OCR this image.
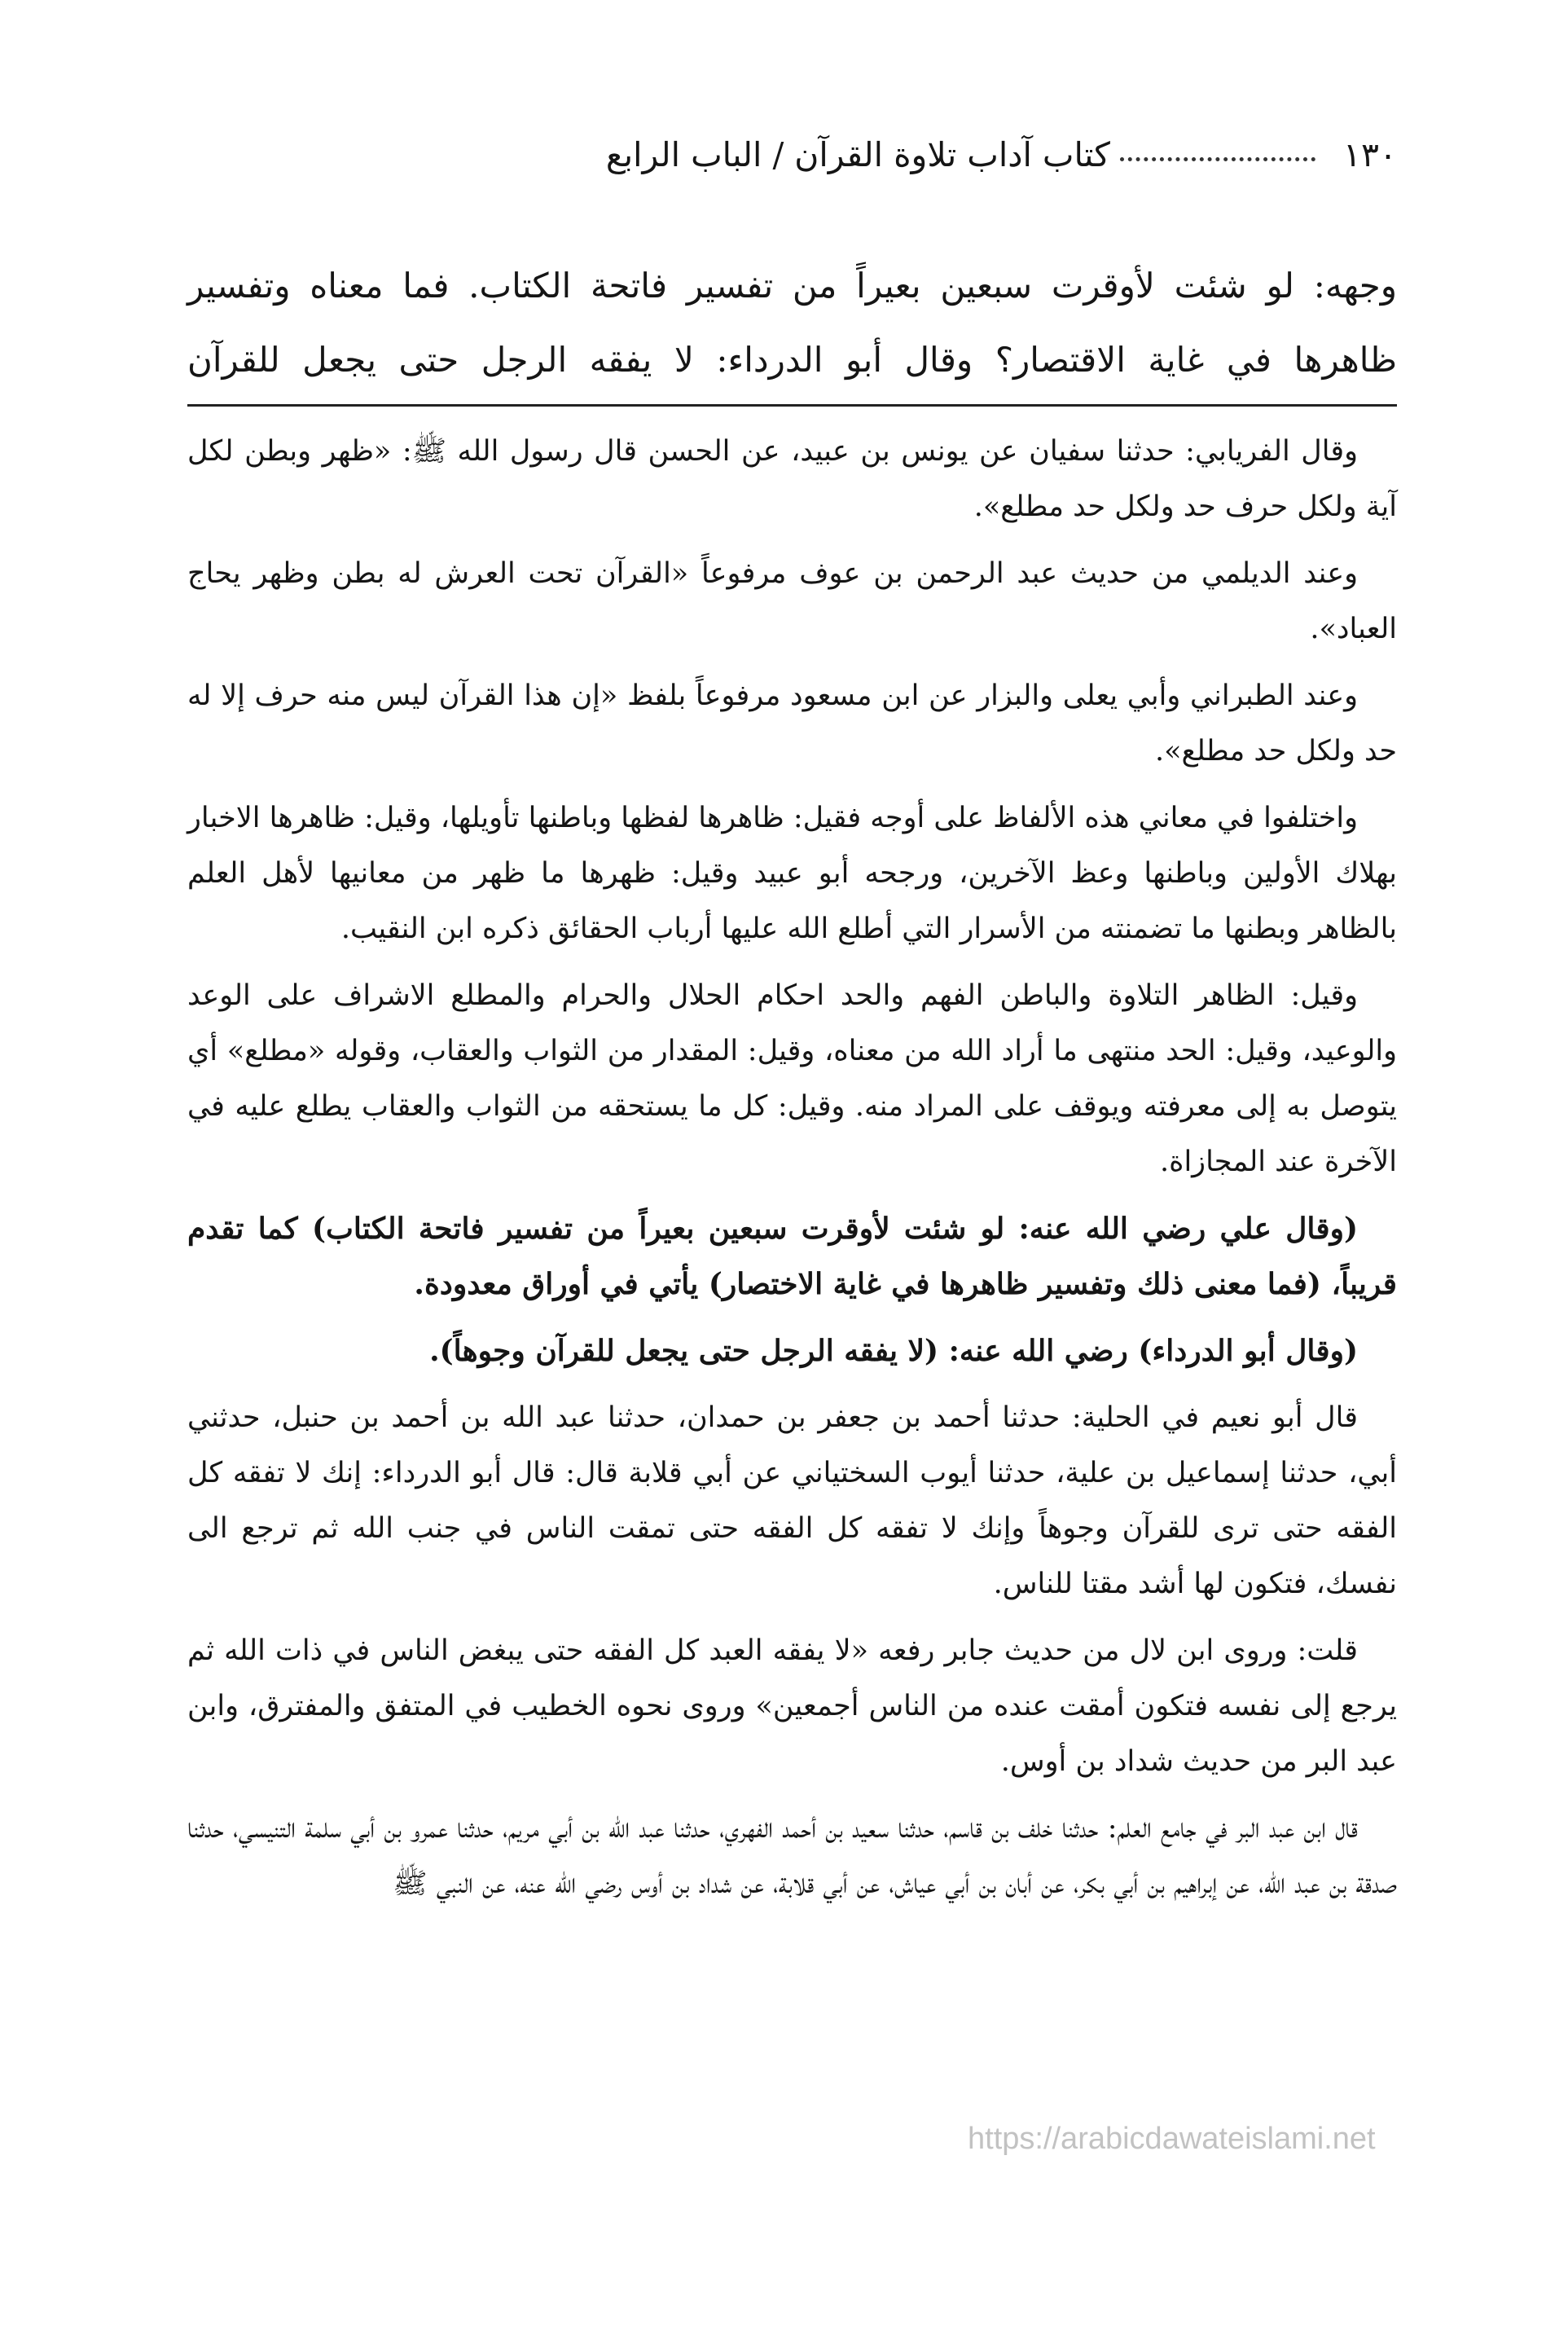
١٣٠
كتاب آداب تلاوة القرآن / الباب الرابع
وجهه: لو شئت لأوقرت سبعين بعيراً من تفسير فاتحة الكتاب. فما معناه وتفسير
ظاهرها في غاية الاقتصار؟ وقال أبو الدرداء: لا يفقه الرجل حتى يجعل للقرآن

وقال الفريابي: حدثنا سفيان عن يونس بن عبيد، عن الحسن قال رسول الله ﷺ: «ظهر وبطن لكل آية ولكل حرف حد ولكل حد مطلع».

وعند الديلمي من حديث عبد الرحمن بن عوف مرفوعاً «القرآن تحت العرش له بطن وظهر يحاج العباد».

وعند الطبراني وأبي يعلى والبزار عن ابن مسعود مرفوعاً بلفظ «إن هذا القرآن ليس منه حرف إلا له حد ولكل حد مطلع».

واختلفوا في معاني هذه الألفاظ على أوجه فقيل: ظاهرها لفظها وباطنها تأويلها، وقيل: ظاهرها الاخبار بهلاك الأولين وباطنها وعظ الآخرين، ورجحه أبو عبيد وقيل: ظهرها ما ظهر من معانيها لأهل العلم بالظاهر وبطنها ما تضمنته من الأسرار التي أطلع الله عليها أرباب الحقائق ذكره ابن النقيب.

وقيل: الظاهر التلاوة والباطن الفهم والحد احكام الحلال والحرام والمطلع الاشراف على الوعد والوعيد، وقيل: الحد منتهى ما أراد الله من معناه، وقيل: المقدار من الثواب والعقاب، وقوله «مطلع» أي يتوصل به إلى معرفته ويوقف على المراد منه. وقيل: كل ما يستحقه من الثواب والعقاب يطلع عليه في الآخرة عند المجازاة.

(وقال علي رضي الله عنه: لو شئت لأوقرت سبعين بعيراً من تفسير فاتحة الكتاب) كما تقدم قريباً، (فما معنى ذلك وتفسير ظاهرها في غاية الاختصار) يأتي في أوراق معدودة.

(وقال أبو الدرداء) رضي الله عنه: (لا يفقه الرجل حتى يجعل للقرآن وجوهاً).

قال أبو نعيم في الحلية: حدثنا أحمد بن جعفر بن حمدان، حدثنا عبد الله بن أحمد بن حنبل، حدثني أبي، حدثنا إسماعيل بن علية، حدثنا أيوب السختياني عن أبي قلابة قال: قال أبو الدرداء: إنك لا تفقه كل الفقه حتى ترى للقرآن وجوهاً وإنك لا تفقه كل الفقه حتى تمقت الناس في جنب الله ثم ترجع الى نفسك، فتكون لها أشد مقتا للناس.

قلت: وروى ابن لال من حديث جابر رفعه «لا يفقه العبد كل الفقه حتى يبغض الناس في ذات الله ثم يرجع إلى نفسه فتكون أمقت عنده من الناس أجمعين» وروى نحوه الخطيب في المتفق والمفترق، وابن عبد البر من حديث شداد بن أوس.

قال ابن عبد البر في جامع العلم: حدثنا خلف بن قاسم، حدثنا سعيد بن أحمد الفهري، حدثنا عبد الله بن أبي مريم، حدثنا عمرو بن أبي سلمة التنيسي، حدثنا صدقة بن عبد الله، عن إبراهيم بن أبي بكر، عن أبان بن أبي عياش، عن أبي قلابة، عن شداد بن أوس رضي الله عنه، عن النبي ﷺ

https://arabicdawateislami.net
